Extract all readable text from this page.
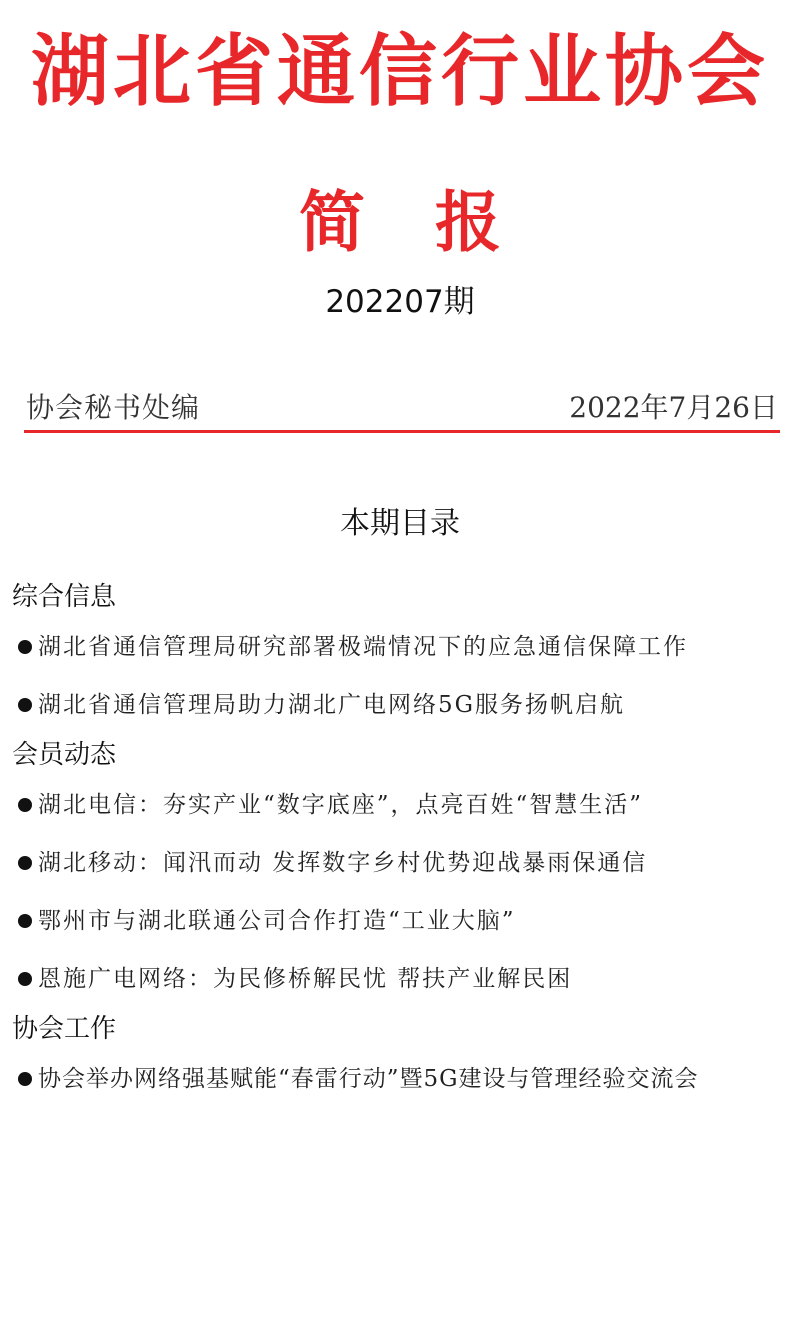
湖北省通信行业协会
简报
202207期
协会秘书处编	2022年7月26日
本期目录
综合信息
湖北省通信管理局研究部署极端情况下的应急通信保障工作
湖北省通信管理局助力湖北广电网络5G服务扬帆启航
会员动态
湖北电信：夯实产业“数字底座”，点亮百姓“智慧生活”
湖北移动：闻汛而动 发挥数字乡村优势迎战暴雨保通信
鄂州市与湖北联通公司合作打造“工业大脑”
恩施广电网络：为民修桥解民忧 帮扶产业解民困
协会工作
协会举办网络强基赋能“春雷行动”暨5G建设与管理经验交流会
